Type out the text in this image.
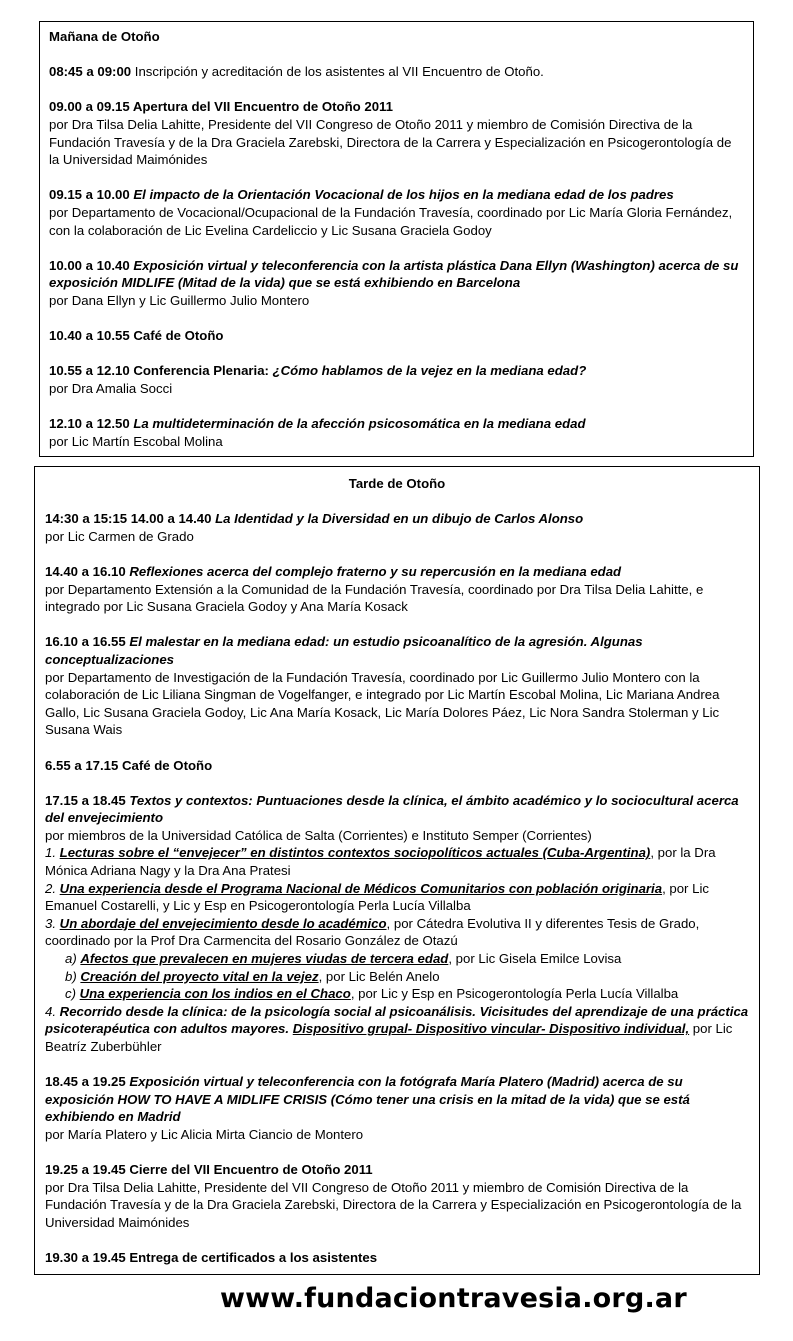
Mañana de Otoño
08:45 a 09:00 Inscripción y acreditación de los asistentes al VII Encuentro de Otoño.
09.00 a 09.15 Apertura del VII Encuentro de Otoño 2011
por Dra Tilsa Delia Lahitte, Presidente del VII Congreso de Otoño 2011 y miembro de Comisión Directiva de la Fundación Travesía y de la Dra Graciela Zarebski, Directora de la Carrera y Especialización en Psicogerontología de la Universidad Maimónides
09.15 a 10.00 El impacto de la Orientación Vocacional de los hijos en la mediana edad de los padres
por Departamento de Vocacional/Ocupacional de la Fundación Travesía, coordinado por Lic María Gloria Fernández, con la colaboración de Lic Evelina Cardeliccio y Lic Susana Graciela Godoy
10.00 a 10.40 Exposición virtual y teleconferencia con la artista plástica Dana Ellyn (Washington) acerca de su exposición MIDLIFE (Mitad de la vida) que se está exhibiendo en Barcelona
por Dana Ellyn y Lic Guillermo Julio Montero
10.40 a 10.55 Café de Otoño
10.55 a 12.10 Conferencia Plenaria: ¿Cómo hablamos de la vejez en la mediana edad?
por Dra Amalia Socci
12.10 a 12.50 La multideterminación de la afección psicosomática en la mediana edad
por Lic Martín Escobal Molina
Tarde de Otoño
14:30 a 15:15 14.00 a 14.40 La Identidad y la Diversidad en un dibujo de Carlos Alonso
por Lic Carmen de Grado
14.40 a 16.10 Reflexiones acerca del complejo fraterno y su repercusión en la mediana edad
por Departamento Extensión a la Comunidad de la Fundación Travesía, coordinado por Dra Tilsa Delia Lahitte, e integrado por Lic Susana Graciela Godoy y Ana María Kosack
16.10 a 16.55 El malestar en la mediana edad: un estudio psicoanalítico de la agresión. Algunas conceptualizaciones
por Departamento de Investigación de la Fundación Travesía, coordinado por Lic Guillermo Julio Montero con la colaboración de Lic Liliana Singman de Vogelfanger, e integrado por Lic Martín Escobal Molina, Lic Mariana Andrea Gallo, Lic Susana Graciela Godoy, Lic Ana María Kosack, Lic María Dolores Páez, Lic Nora Sandra Stolerman y Lic Susana Wais
6.55 a 17.15 Café de Otoño
17.15 a 18.45 Textos y contextos: Puntuaciones desde la clínica, el ámbito académico y lo sociocultural acerca del envejecimiento
por miembros de la Universidad Católica de Salta (Corrientes) e Instituto Semper (Corrientes)
1. Lecturas sobre el “envejecer” en distintos contextos sociopolíticos actuales (Cuba-Argentina), por la Dra Mónica Adriana Nagy y la Dra Ana Pratesi
2. Una experiencia desde el Programa Nacional de Médicos Comunitarios con población originaria, por Lic Emanuel Costarelli, y Lic y Esp en Psicogerontología Perla Lucía Villalba
3. Un abordaje del envejecimiento desde lo académico, por Cátedra Evolutiva II y diferentes Tesis de Grado, coordinado por la Prof Dra Carmencita del Rosario González de Otazú
a) Afectos que prevalecen en mujeres viudas de tercera edad, por Lic Gisela Emilce Lovisa
b) Creación del proyecto vital en la vejez, por Lic Belén Anelo
c) Una experiencia con los indios en el Chaco, por Lic y Esp en Psicogerontología Perla Lucía Villalba
4. Recorrido desde la clínica: de la psicología social al psicoanálisis. Vicisitudes del aprendizaje de una práctica psicoterapéutica con adultos mayores. Dispositivo grupal- Dispositivo vincular- Dispositivo individual, por Lic Beatríz Zuberbühler
18.45 a 19.25 Exposición virtual y teleconferencia con la fotógrafa María Platero (Madrid) acerca de su exposición HOW TO HAVE A MIDLIFE CRISIS (Cómo tener una crisis en la mitad de la vida) que se está exhibiendo en Madrid
por María Platero y Lic Alicia Mirta Ciancio de Montero
19.25 a 19.45 Cierre del VII Encuentro de Otoño 2011
por Dra Tilsa Delia Lahitte, Presidente del VII Congreso de Otoño 2011 y miembro de Comisión Directiva de la Fundación Travesía y de la Dra Graciela Zarebski, Directora de la Carrera y Especialización en Psicogerontología de la Universidad Maimónides
19.30 a 19.45 Entrega de certificados a los asistentes
www.fundaciontravesia.org.ar
